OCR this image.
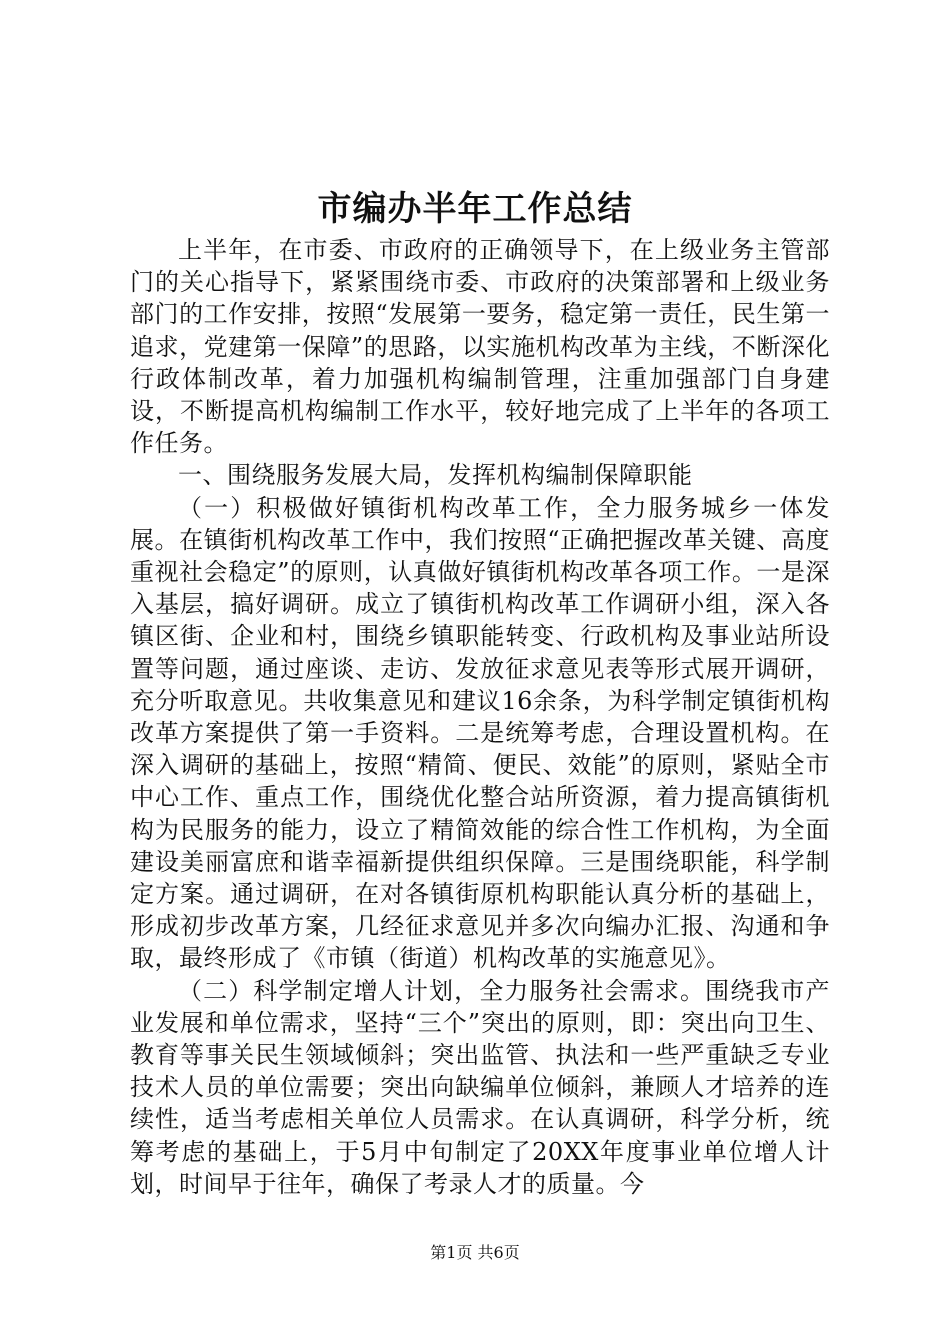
市编办半年工作总结

上半年，在市委、市政府的正确领导下，在上级业务主管部门的关心指导下，紧紧围绕市委、市政府的决策部署和上级业务部门的工作安排，按照“发展第一要务，稳定第一责任，民生第一追求，党建第一保障”的思路，以实施机构改革为主线，不断深化行政体制改革，着力加强机构编制管理，注重加强部门自身建设，不断提高机构编制工作水平，较好地完成了上半年的各项工作任务。

一、围绕服务发展大局，发挥机构编制保障职能

（一）积极做好镇街机构改革工作，全力服务城乡一体发展。在镇街机构改革工作中，我们按照“正确把握改革关键、高度重视社会稳定”的原则，认真做好镇街机构改革各项工作。一是深入基层，搞好调研。成立了镇街机构改革工作调研小组，深入各镇区街、企业和村，围绕乡镇职能转变、行政机构及事业站所设置等问题，通过座谈、走访、发放征求意见表等形式展开调研，充分听取意见。共收集意见和建议16余条，为科学制定镇街机构改革方案提供了第一手资料。二是统筹考虑，合理设置机构。在深入调研的基础上，按照“精简、便民、效能”的原则，紧贴全市中心工作、重点工作，围绕优化整合站所资源，着力提高镇街机构为民服务的能力，设立了精简效能的综合性工作机构，为全面建设美丽富庶和谐幸福新提供组织保障。三是围绕职能，科学制定方案。通过调研，在对各镇街原机构职能认真分析的基础上，形成初步改革方案，几经征求意见并多次向编办汇报、沟通和争取，最终形成了《市镇（街道）机构改革的实施意见》。

（二）科学制定增人计划，全力服务社会需求。围绕我市产业发展和单位需求，坚持“三个”突出的原则，即：突出向卫生、教育等事关民生领域倾斜；突出监管、执法和一些严重缺乏专业技术人员的单位需要；突出向缺编单位倾斜，兼顾人才培养的连续性，适当考虑相关单位人员需求。在认真调研，科学分析，统筹考虑的基础上，于5月中旬制定了20XX年度事业单位增人计划，时间早于往年，确保了考录人才的质量。今

第1页 共6页
